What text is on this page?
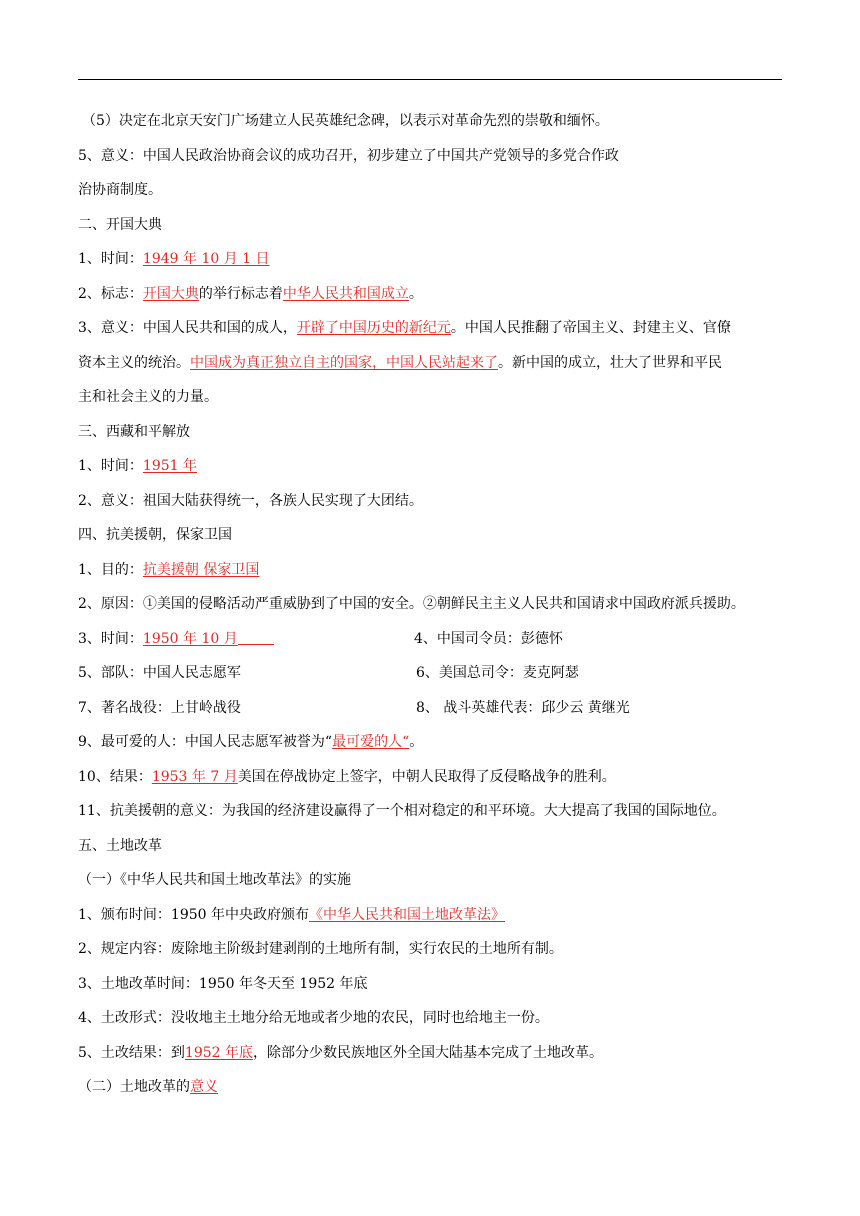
（5）决定在北京天安门广场建立人民英雄纪念碑，以表示对革命先烈的崇敬和缅怀。
5、意义：中国人民政治协商会议的成功召开，初步建立了中国共产党领导的多党合作政
治协商制度。
二、开国大典
1、时间：1949 年 10 月 1 日
2、标志：开国大典的举行标志着中华人民共和国成立。
3、意义：中国人民共和国的成人，开辟了中国历史的新纪元。中国人民推翻了帝国主义、封建主义、官僚
资本主义的统治。中国成为真正独立自主的国家，中国人民站起来了。新中国的成立，壮大了世界和平民
主和社会主义的力量。
三、西藏和平解放
1、时间：1951 年
2、意义：祖国大陆获得统一，各族人民实现了大团结。
四、抗美援朝，保家卫国
1、目的：抗美援朝 保家卫国
2、原因：①美国的侵略活动严重威胁到了中国的安全。②朝鲜民主主义人民共和国请求中国政府派兵援助。
3、时间：1950 年 10 月	4、中国司令员：彭德怀
5、部队：中国人民志愿军	6、美国总司令：麦克阿瑟
7、著名战役：上甘岭战役	8、 战斗英雄代表：邱少云 黄继光
9、最可爱的人：中国人民志愿军被誉为“最可爱的人“。
10、结果：1953 年 7 月美国在停战协定上签字，中朝人民取得了反侵略战争的胜利。
11、抗美援朝的意义：为我国的经济建设赢得了一个相对稳定的和平环境。大大提高了我国的国际地位。
五、土地改革
（一）《中华人民共和国土地改革法》的实施
1、颁布时间：1950 年中央政府颁布《中华人民共和国土地改革法》
2、规定内容：废除地主阶级封建剥削的土地所有制，实行农民的土地所有制。
3、土地改革时间：1950 年冬天至 1952 年底
4、土改形式：没收地主土地分给无地或者少地的农民，同时也给地主一份。
5、土改结果：到1952 年底，除部分少数民族地区外全国大陆基本完成了土地改革。
（二）土地改革的意义
